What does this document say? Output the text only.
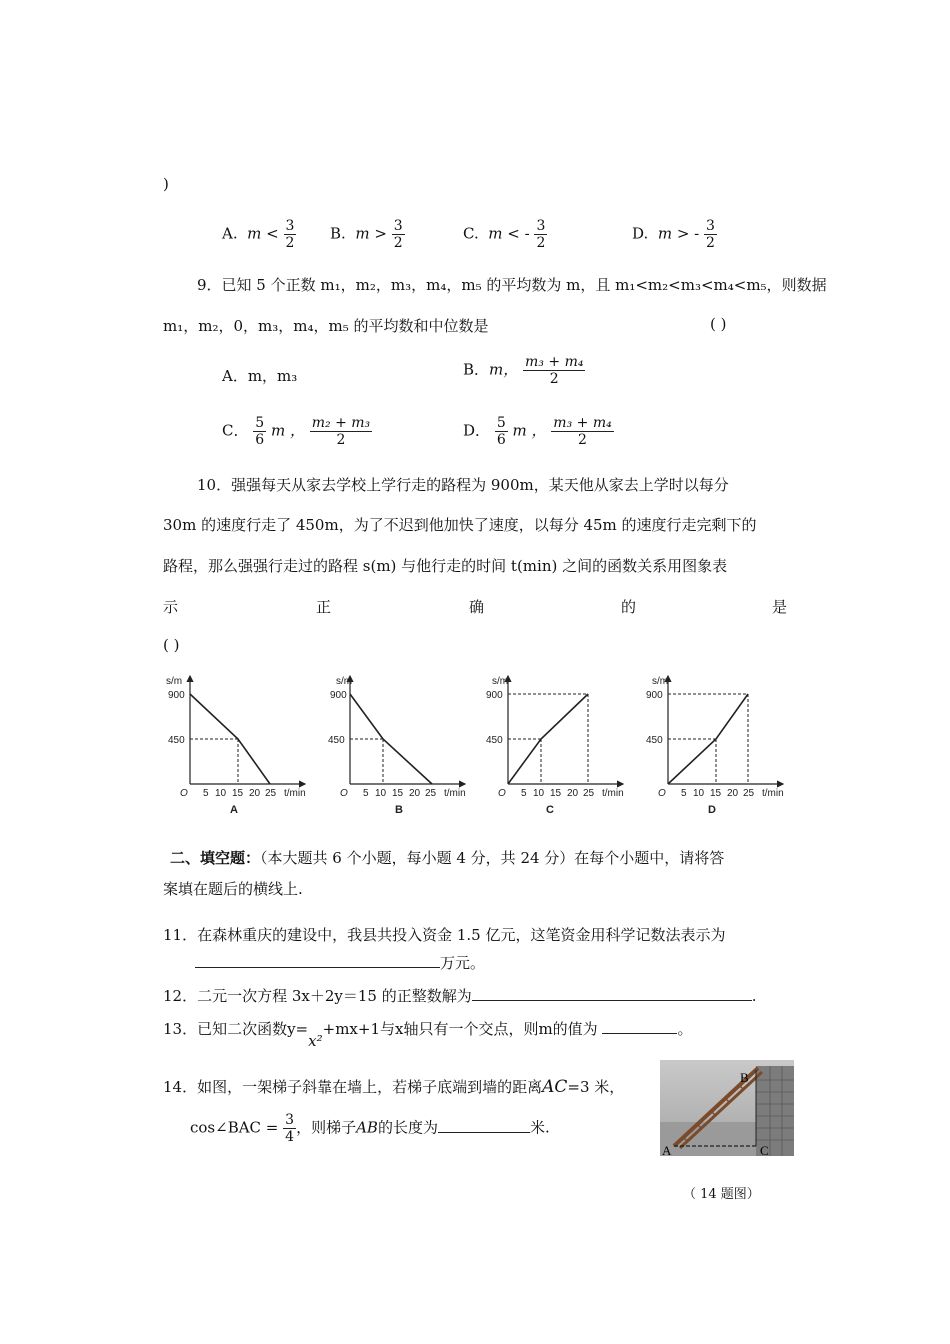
)
A. $m < \frac{3}{2} B$. $m > \frac{3}{2}$	C. m < - $\frac{3}{2}$	D. m > - $\frac{3}{2}$
9．已知 5 个正数 m₁，m₂，m₃，m₄，m₅ 的平均数为 m，且 m₁<m₂<m₃<m₄<m₅，则数据
m₁，m₂，0，m₃，m₄，m₅ 的平均数和中位数是	( )
A．m，m₃	B．m， $\frac{\text{m₃ + m₄}}{2}$
C． $\frac{5}{6}$ m ， $\frac{\text{m₂ + m₃}}{2}$	D． $\frac{5}{6}$ m ， $\frac{\text{m₃ + m₄}}{2}$
10．强强每天从家去学校上学行走的路程为 900m，某天他从家去上学时以每分
30m 的速度行走了 450m，为了不迟到他加快了速度，以每分 45m 的速度行走完剩下的
路程，那么强强行走过的路程 s(m) 与他行走的时间 t(min) 之间的函数关系用图象表
示	正	确	的	是
( )
s/m
900
450
O 5 10 15 20 25 t/min
A
s/m
900
450
O 5 10 15 20 25 t/min
B
s/m
900
450
O 5 10 15 20 25 t/min
C
s/m
900
450
O 5 10 15 20 25 t/min
D
二、填空题：（本大题共 6 个小题，每小题 4 分，共 24 分）在每个小题中，请将答
案填在题后的横线上.
11．在森林重庆的建设中，我县共投入资金 1.5 亿元，这笔资金用科学记数法表示为
万元。
12．二元一次方程 3x＋2y＝15 的正整数解为	.
13．已知二次函数y=x²+mx+1与x轴只有一个交点，则m的值为	。
14．如图，一架梯子斜靠在墙上，若梯子底端到墙的距离AC=3 米，
cos∠BAC = $\frac{3}{4}$ ，则梯子AB的长度为	米.
B
A	C
（ 14 题图）
